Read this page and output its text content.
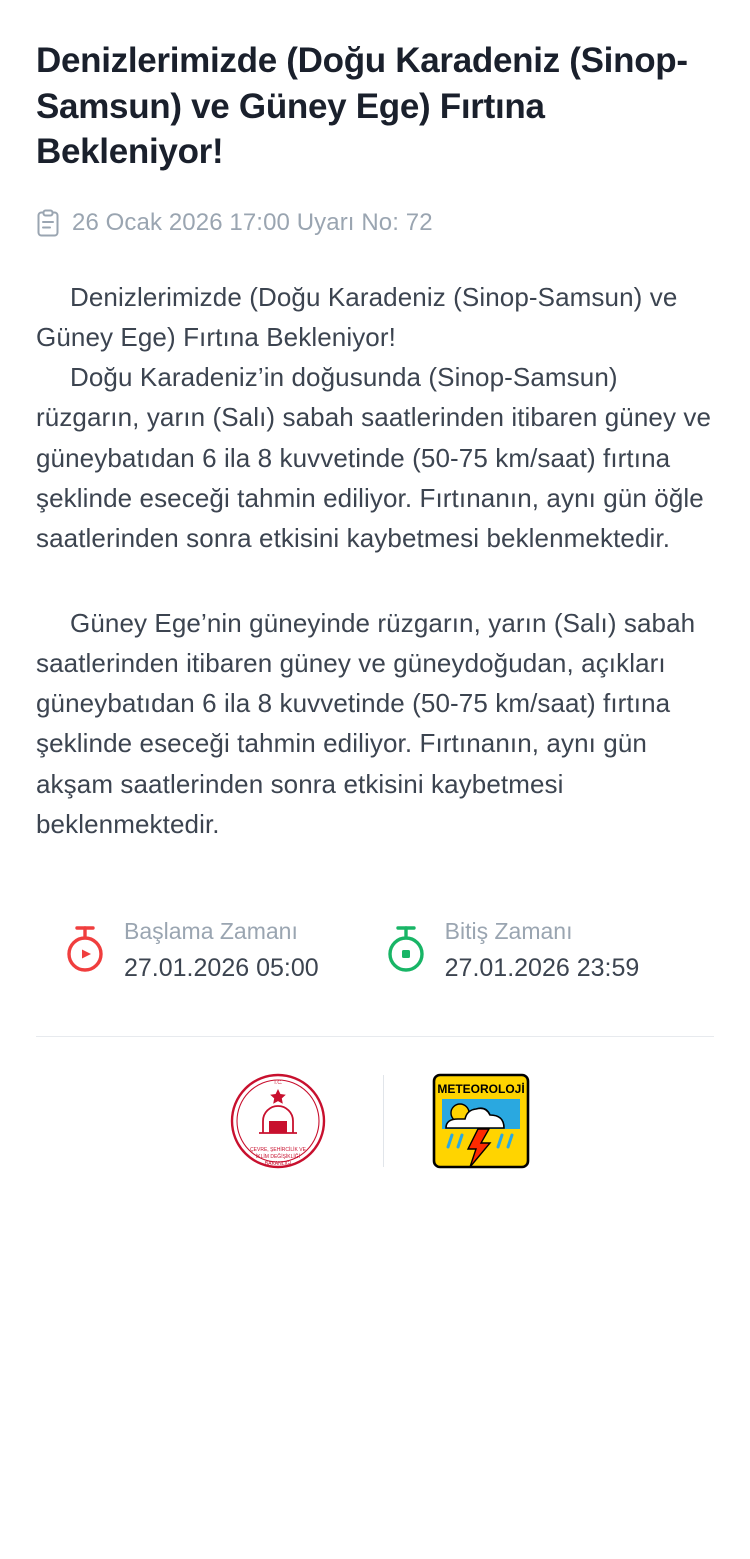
Denizlerimizde (Doğu Karadeniz (Sinop-Samsun) ve Güney Ege) Fırtına Bekleniyor!
26 Ocak 2026 17:00 Uyarı No: 72

Denizlerimizde (Doğu Karadeniz (Sinop-Samsun) ve Güney Ege) Fırtına Bekleniyor!

Doğu Karadeniz’in doğusunda (Sinop-Samsun) rüzgarın, yarın (Salı) sabah saatlerinden itibaren güney ve güneybatıdan 6 ila 8 kuvvetinde (50-75 km/saat) fırtına şeklinde eseceği tahmin ediliyor. Fırtınanın, aynı gün öğle saatlerinden sonra etkisini kaybetmesi beklenmektedir.

Güney Ege’nin güneyinde rüzgarın, yarın (Salı) sabah saatlerinden itibaren güney ve güneydoğudan, açıkları güneybatıdan 6 ila 8 kuvvetinde (50-75 km/saat) fırtına şeklinde eseceği tahmin ediliyor. Fırtınanın, aynı gün akşam saatlerinden sonra etkisini kaybetmesi beklenmektedir.

Başlama Zamanı
27.01.2026 05:00
Bitiş Zamanı
27.01.2026 23:59
T.C.
ÇEVRE, ŞEHİRCİLİK VE
İKLİM DEĞİŞİKLİĞİ
BAKANLIĞI
METEOROLOJİ
